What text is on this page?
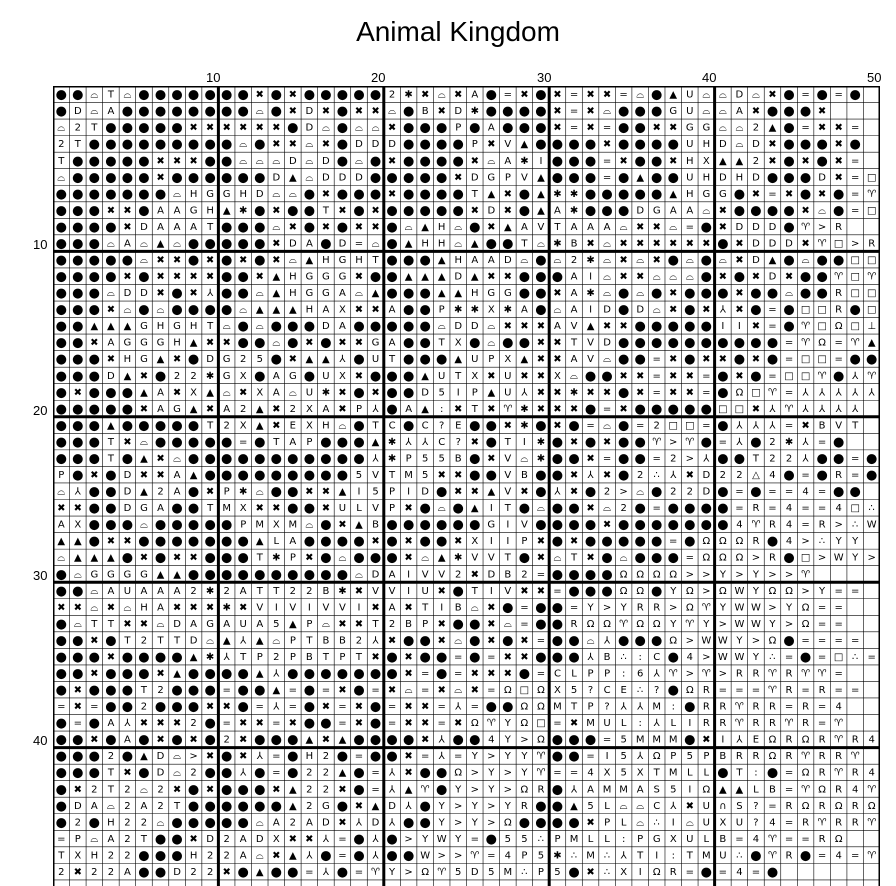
Animal Kingdom
10	20	30	40	50
10
20
30
40
● ● ⌓ T ⌓ ● ● ● ● ● ● ● ✖ ● ✖ ● ● ● ● ● 2 ✱ ✖ ⌓ ✖ A ● = ✖ ● ✖ = ✖ ✖ = ⌓ ● ▲ U ⌓ ⌓ D ⌓ ✖ ● = ● = ●
● D ⌓ A ● ● ● ● ● ● ● ● ⌓ ● ✖ D ✖ ● ✖ ✖ ⌓ ● B ✖ D ✱ ● ● ● ● ✖ = ✖ ⌓ ● ● ● G U ⌓ ⌓ A ✖ ● ● ● ✖
⌓ 2 T ● ● ● ● ● ✖ ✖ ✖ ✖ ✖ ✖ ● D ⌓ ● ⌓ ⌓ ✖ ● ● ● P ● A ● ● ● ✖ = ✖ = ● ● ✖ ✖ G G ⌓ ⌓ 2 ▲ ● = ✖ ✖ =
2 T ● ● ● ● ● ● ● ● ● ⌓ ● ✖ ✖ ⌓ ✖ ● D D D ● ● ● ● P ✖ V ▲ ● ● ● ● ✖ ● ● ● ● U H D ⌓ D ✖ ● ● ● ✖ ●
T ● ● ● ● ● ✖ ✖ ✖ ● ● ⌓ ⌓ ⌓ D ⌓ D ● ⌓ ● ✖ ● ● ● ● ✖ ⌓ A ✱ I ● ● ● = ✖ ● ● ✖ H X ▲ ▲ 2 ✖ ● ✖ ● ✖ =
⌓ ● ● ● ● ● ✖ ● ● ● ● ● ● D ▲ ⌓ D D D ● ● ● ● ● ✖ D G P V ▲ ● ● ● = ● ▲ ● ● U H D H D ● ● ● D ✖ = □
● ● ● ● ● ● ● ⌓ H G G H D ⌓ ⌓ ● ✖ ● ● ● ✖ ● ● ● ● T ▲ ✖ ● ▲ ✱ ✱ ● ● ● ● ● ▲ H G G ● ✖ = ✖ ● ✖ ● = ♈
● ● ● ✖ ✖ ● A A G H ▲ ✱ ● ✖ ● ● T ✖ ● ✖ ● ● ● ● ● ✖ D ✖ ● ▲ A ✱ ● ● ● D G A A ⌓ ✖ ● ● ● ● ✖ ⌓ ● = □
● ● ● ● ✖ D A A A T ● ● ● ⌓ ✖ ● ✖ ● ✖ ✖ ● ⌓ ▲ H ⌓ ● ✖ ▲ A V T A A A ⌓ ✖ ✖ ⌓ = ● ✖ D D D ● ♈ > R
● ● ● ⌓ A ⌓ ▲ ⌓ ● ● ● ● ● ✖ D A ● D = ⌓ ● ▲ H H ⌓ ▲ ● ● T ⌓ ✱ B ✖ ⌓ ✖ ✖ ✖ ✖ ✖ ✖ ● ✖ D D D ✖ ♈ □ > R
● ● ● ● ● ⌓ ✖ ✖ ● ✖ ● ✖ ● ✖ ⌓ ▲ H G H T ● ● ● ▲ H A A D ⌓ ● ⌓ 2 ✱ ⌓ ✖ ⌓ ✖ ● ⌓ ● ⌓ ✖ D ▲ ● ⌓ ● ● □ □
● ● ● ● ✖ ● ✖ ✖ ✖ ✖ ● ● ✖ ▲ H G G G ✖ ● ● ▲ ▲ ▲ D ▲ ✖ ✖ ● ● ● A I ⌓ ✖ ✖ ⌓ ⌓ ⌓ ● ✖ ● ✖ D ✖ ● ● ♈ □ ♈
● ● ● ⌓ D D ✖ ● ✖ ⅄ ● ● ⌓ ▲ H G G A ⌓ ▲ ● ● ● ▲ ▲ H G G ● ● ✖ A ✱ ⌓ ● ⌓ ● ✖ ● ● ● ✖ ● ● ⌓ ● ● R □ □
● ● ● ✖ ⌓ ● ⌓ ● ● ● ● ⌓ ▲ ▲ ▲ H A X ✖ ✖ A ● ● P ✱ ✱ X ✱ A ● ⌓ A I D ● D ⌓ ✖ ● ✖ ⅄ ✖ ● = ● □ □ R ● □
● ● ▲ ▲ ▲ G H G H T ⌓ ● ⌓ ● ● ● D A ● ● ● ● ● ⌓ D D ⌓ ✖ ✖ ✖ A V ▲ ✖ ✖ ● ● ● ● ● I I ✖ = ● ♈ □ Ω □ ⊥
● ● ✖ A G G G H ▲ ✖ ✖ ● ● ⌓ ● ✖ ● ✖ ✖ G A ● ● T X ● ⌓ ● ● ✖ ✖ T V D ● ● ● ● ● ● ● ● ● ● = ♈ Ω = ♈ ▲
● ● ● ✖ H G ▲ ✖ ● D G 2 5 ● ✖ ▲ ▲ ⅄ ● U T ● ● ● ▲ U P X ▲ ✖ ✖ A V ⌓ ● ● = ✖ ● ✖ ✖ ● ✖ ● = □ □ = ● ●
● ● ● D ▲ ✖ ● 2 2 ✱ G X ● A G ● U X ✖ ● ● ● ▲ U T X ✖ U ✖ ✖ X ⌓ ● ● ✖ ✖ = ✖ ✖ = ● ✖ ● = □ □ ♈ ● ⅄ ♈
● ✖ ● ● ● ▲ A ✖ X ▲ ⌓ ✖ X A ⌓ U ✱ ✖ ● ✖ ● ● D 5 I P ▲ U ⅄ ✖ ✖ ✱ ✖ ✖ ● ✖ = ✖ ✖ = ● Ω □ ♈ = ⅄ ⅄ ⅄ ⅄ ⅄
● ● ● ● ● ✖ A G ▲ ✖ A 2 ▲ ✖ 2 X A ✖ P ⅄ ● A ▲ : ✖ T ✖ ♈ ✱ ✖ ✖ ✖ ● = ✖ ● ● ● ● ● □ □ ✖ ⅄ ♈ ⅄ ⅄ ⅄ ⅄
● ● ● ▲ ● ● ● ● ● T 2 X ▲ ✖ E X H ⌓ ● T C ● C ? E ● ● ✖ ✱ ● ✖ ● = ⌓ ● = 2 □ □ = ● ⅄ ⅄ ⅄ = ✖ B V T
● ● ● T ✖ ⌓ ● ● ● ● ● = ● T A P ● ● ● ▲ ✱ ⅄ ⅄ C ? ✖ ● T I ✱ ● ✖ ● ✖ ● ● ♈ > ♈ ● = ⅄ ● 2 ✱ ⅄ = ●
● ● ● T ● ▲ ✖ ⌓ ● ● ● ● ● ● ● ● ● ● ● ⅄ ✱ P 5 5 B ● ✖ V ⌓ ✱ ● ● ✖ = ● ● = 2 > ⅄ ● ● T 2 2 ⅄ ● ● = ●
P ● ✖ ● D ✖ ✖ A ▲ ● ● ● ● ● ● ● ● ● 5 V T M 5 ✖ ✖ ● ● V B ● ● ✖ ⅄ ✖ ● 2 ∴ ⅄ ✖ D 2 2 △ 4 ● = ● R = ●
⌓ ⅄ ● ● D ▲ 2 A ● ✖ P ✱ ⌓ ● ● ✖ ✖ ▲ I 5 P I D ● ✖ ✖ ▲ V ✖ ● ⅄ ✖ ● 2 > ⌓ ● 2 2 D ● = ● = = 4 = ● ●
✖ ✖ ● ● D G A ● ● T M X ✖ ✖ ● ● ✖ U L V P ✖ ● ⌓ ● ▲ I T ● ⌓ ● ● ✖ ⌓ 2 ● = ● ● ● ● = R = 4 = = 4 □ ∴
A X ● ● ● ⌓ ● ● ● ● ● P M X M ⌓ ● ✖ ▲ B ● ● ● ● ● ● G I V ● ● ● ● ✖ ● ● ● ● ● ● ● 4 ♈ R 4 = R > ∴ W
▲ ▲ ● ✖ ✖ ● ● ● ● ● ● ● ▲ L A ● ● ● ● ✖ ● ✖ ● ● ✖ X I I P ✖ ● ✖ ● ● ● ● ● = ● Ω Ω Ω R ● 4 > ∴ Y Y
⌓ ▲ ▲ ▲ ● ✖ ● ✖ ✖ ● ● ● T ✱ P ✖ ● ⌓ ● ● ● ✖ ⌓ ▲ ✱ V V T ● ✖ ⌓ T ✖ ● ⌓ ● ● ● = Ω Ω Ω > R ● □ > W Y >
● ⌓ G G G G ▲ ▲ ● ● ● ● ● ● ● ● ● ● ⌓ D A I V V 2 ✖ D B 2 = ● ● ● ● Ω Ω Ω Ω > > Y > Y > > ♈
● ● ⌓ A U A A A 2 ✱ 2 A T T 2 2 B ✱ ✖ V V I U ✖ ● T I V ✖ ✖ = ● ● ● Ω Ω ● Y Ω > Ω W Y Ω Ω > Y = =
✖ ✖ ⌓ ✖ ⌓ H A ✖ ✖ ✖ ✱ ✖ V I V I V V I ✖ A ✖ T I B ⌓ ✖ ● = ● ● = Y > Y R R > Ω ♈ Y W W > Y Ω = =
● ⌓ T T ✖ ✖ ⌓ D A G A U A 5 ▲ P ⌓ ✖ ✖ T 2 B P ✖ ● ● ✖ ⌓ = ● ● R Ω Ω ♈ Ω Ω Y ♈ Y > W W Y > Ω = =
● ● ✖ ● T 2 T T D ⌓ ▲ ⅄ ▲ ⌓ P T B B 2 ⅄ ✖ ● ● ✖ ⌓ ● ✖ ● ✖ = ● ● ⌓ ⅄ ● ● ● Ω > W W Y > Ω ● = = = =
● ● ● ✖ ● ● ● ● ▲ ✱ ⅄ T P 2 P B T P T ✖ ● ✖ ● ● = ● = ✖ ✖ ● ● ● ⅄ B ∴ : C ● 4 > W W Y ∴ = ● = □ ∴ =
● ● ✖ ● ● ● ✖ ▲ ● ● ● ● ▲ ⅄ ● ● ● ● ● ● ● ✖ = ● = ✖ ✖ ✖ ● = C L P P : 6 ⅄ ♈ > ♈ > R R ♈ R ♈ ♈ =
● ✖ ● ● ● T 2 ● ● ● = ● ● ▲ = ● = ✖ ● = ✖ ⌓ = ✖ ⌓ ✖ = Ω □ Ω X 5 ? C E ∴ ? ● Ω R = = = ♈ R = R = =
= ✖ = ● ● 2 ● ● ● ✖ ✖ ● = ⅄ = ● ✖ = ✖ ● = ✖ ✖ = ⅄ = ● ● Ω Ω M T P ? ⅄ ⅄ M : ● R R ♈ R R = R = 4
● = ● A ⅄ ✖ ✖ ✖ 2 ● = ✖ ✖ = ✖ ● ● = ✖ ● = ✖ ✖ = ✖ Ω ♈ Y Ω □ = ✖ M U L : ⅄ L I R R ♈ R R ♈ R = ♈
● ● ✖ ● A ● ✖ ● ✖ ● 2 ✖ ● ● ● ▲ ✖ ▲ ● ● ● ● ✖ ⅄ ● ● 4 Y > Ω ● ● ● = 5 M M M ● ✖ I ⅄ E Ω R Ω R ♈ R 4
● ● ● 2 ● ▲ D ⌓ > ✖ ● ✖ ⅄ = ● H 2 ● = ● ● ✖ = ⅄ = Y > Y Y ♈ ● ● = I 5 ⅄ Ω P 5 P B R R Ω R ♈ R R ♈
● ● ● T ✖ ● D ⌓ 2 ● ● ⅄ ● = ● 2 2 ▲ ● = ⅄ ✖ ● ● Ω > Y > Y ♈ = = 4 X 5 X T M L L ● T : ● = Ω R ♈ R 4
● ✖ 2 T 2 ⌓ 2 ✖ ● ✖ ● ● ● ✖ ▲ 2 2 ✖ ● = ⅄ ▲ ♈ ● Y > Y > Ω R ● ⅄ A M M A S 5 I Ω ▲ ▲ L B = ♈ Ω R 4 ♈
● D A ⌓ 2 A 2 T ● ● ● ● ● ● ▲ 2 G ● ✖ ▲ D ⅄ ● Y > Y > Y R ● ● ▲ 5 L ⌓ ⌓ C ⅄ ✖ U ∩ S ? = R Ω R Ω R Ω
● 2 ● H 2 2 ⌓ ● ● ● ● ● ⌓ A 2 A D ✖ ⅄ D ⅄ ● ● Y > Y > Ω ● ● ● ● ✖ P L ⌓ ∴ I ⌓ U X U ? 4 = R ♈ R R ♈
= P ⌓ A 2 T ● ● ✖ D 2 A D X ✖ ✖ ⅄ = ● ⅄ ● > Y W Y = ● 5 5 ∴ P M L L : P G X U L B = 4 ♈ = = R Ω
T X H 2 2 ● ● ● H 2 2 A ⌓ ✖ ▲ ⅄ ● = ● ⅄ ● ● W > > ♈ = 4 P 5 ✱ ∴ M ∴ ⅄ T I : T M U ∴ ● ♈ R ● = 4 = ♈
2 ✖ 2 2 A ● ● D 2 2 ✖ ● ▲ ● ● = ⅄ ● = ♈ Y > Ω ♈ 5 D 5 M ∴ P 5 ● ✖ ∴ X I Ω R = ● = 4 = ●
